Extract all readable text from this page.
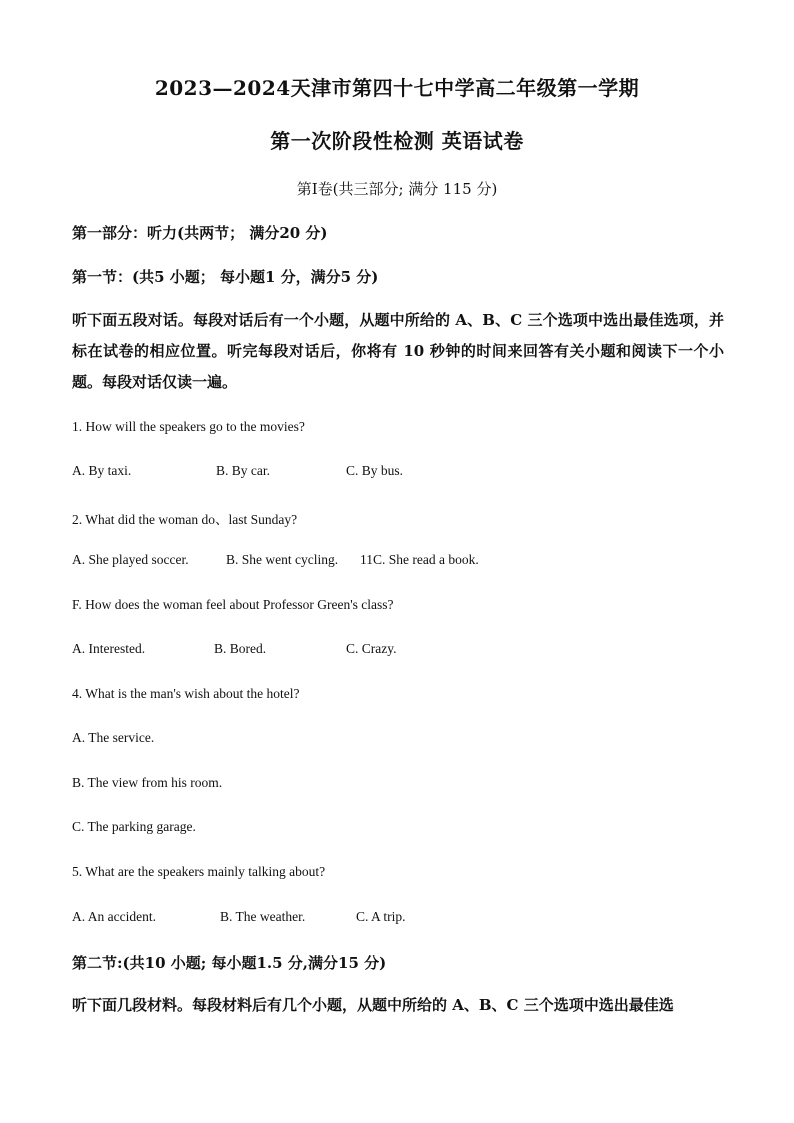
2023—2024天津市第四十七中学高二年级第一学期
第一次阶段性检测 英语试卷
第I卷(共三部分; 满分 115 分)
第一部分：听力(共两节； 满分20 分)
第一节：(共5 小题； 每小题1 分，满分5 分)
听下面五段对话。每段对话后有一个小题，从题中所给的 A、B、C 三个选项中选出最佳选项，并标在试卷的相应位置。听完每段对话后，你将有 10 秒钟的时间来回答有关小题和阅读下一个小题。每段对话仅读一遍。
1. How will the speakers go to the movies?
A. By taxi.	B. By car.	C. By bus.
2. What did the woman do、last Sunday?
A. She played soccer.	B. She went cycling. 11C. She read a book.
F. How does the woman feel about Professor Green's class?
A. Interested.	B. Bored.	C. Crazy.
4. What is the man's wish about the hotel?
A. The service.
B. The view from his room.
C. The parking garage.
5. What are the speakers mainly talking about?
A. An accident.	B. The weather.	C. A trip.
第二节:(共10 小题; 每小题1.5 分,满分15 分)
听下面几段材料。每段材料后有几个小题，从题中所给的 A、B、C 三个选项中选出最佳选
